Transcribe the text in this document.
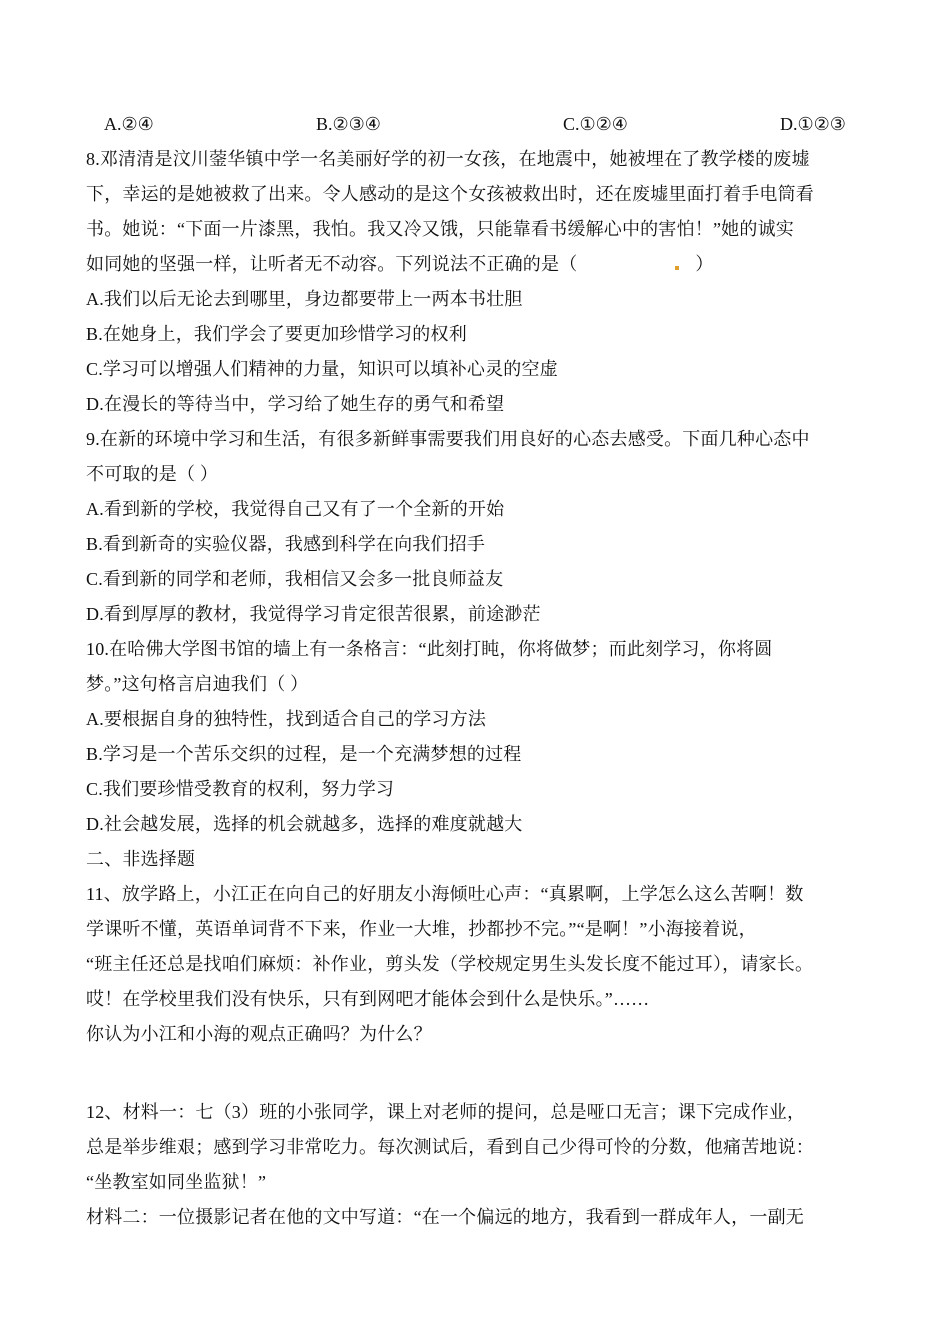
A.②④	B.②③④	C.①②④	D.①②③
8.邓清清是汶川蓥华镇中学一名美丽好学的初一女孩，在地震中，她被埋在了教学楼的废墟
下，幸运的是她被救了出来。令人感动的是这个女孩被救出时，还在废墟里面打着手电筒看
书。她说：“下面一片漆黑，我怕。我又冷又饿，只能靠看书缓解心中的害怕！”她的诚实
如同她的坚强一样，让听者无不动容。下列说法不正确的是（	）
A.我们以后无论去到哪里，身边都要带上一两本书壮胆
B.在她身上，我们学会了要更加珍惜学习的权利
C.学习可以增强人们精神的力量，知识可以填补心灵的空虚
D.在漫长的等待当中，学习给了她生存的勇气和希望
9.在新的环境中学习和生活，有很多新鲜事需要我们用良好的心态去感受。下面几种心态中
不可取的是（ ）
A.看到新的学校，我觉得自己又有了一个全新的开始
B.看到新奇的实验仪器，我感到科学在向我们招手
C.看到新的同学和老师，我相信又会多一批良师益友
D.看到厚厚的教材，我觉得学习肯定很苦很累，前途渺茫
10.在哈佛大学图书馆的墙上有一条格言：“此刻打盹，你将做梦；而此刻学习，你将圆
梦。”这句格言启迪我们（ ）
A.要根据自身的独特性，找到适合自己的学习方法
B.学习是一个苦乐交织的过程，是一个充满梦想的过程
C.我们要珍惜受教育的权利，努力学习
D.社会越发展，选择的机会就越多，选择的难度就越大
二、非选择题
11、放学路上，小江正在向自己的好朋友小海倾吐心声：“真累啊，上学怎么这么苦啊！数
学课听不懂，英语单词背不下来，作业一大堆，抄都抄不完。”“是啊！”小海接着说，
“班主任还总是找咱们麻烦：补作业，剪头发（学校规定男生头发长度不能过耳），请家长。
哎！在学校里我们没有快乐，只有到网吧才能体会到什么是快乐。”……
你认为小江和小海的观点正确吗？为什么？
12、材料一：七（3）班的小张同学，课上对老师的提问，总是哑口无言；课下完成作业，
总是举步维艰；感到学习非常吃力。每次测试后，看到自己少得可怜的分数，他痛苦地说：
“坐教室如同坐监狱！”
材料二：一位摄影记者在他的文中写道：“在一个偏远的地方，我看到一群成年人，一副无
